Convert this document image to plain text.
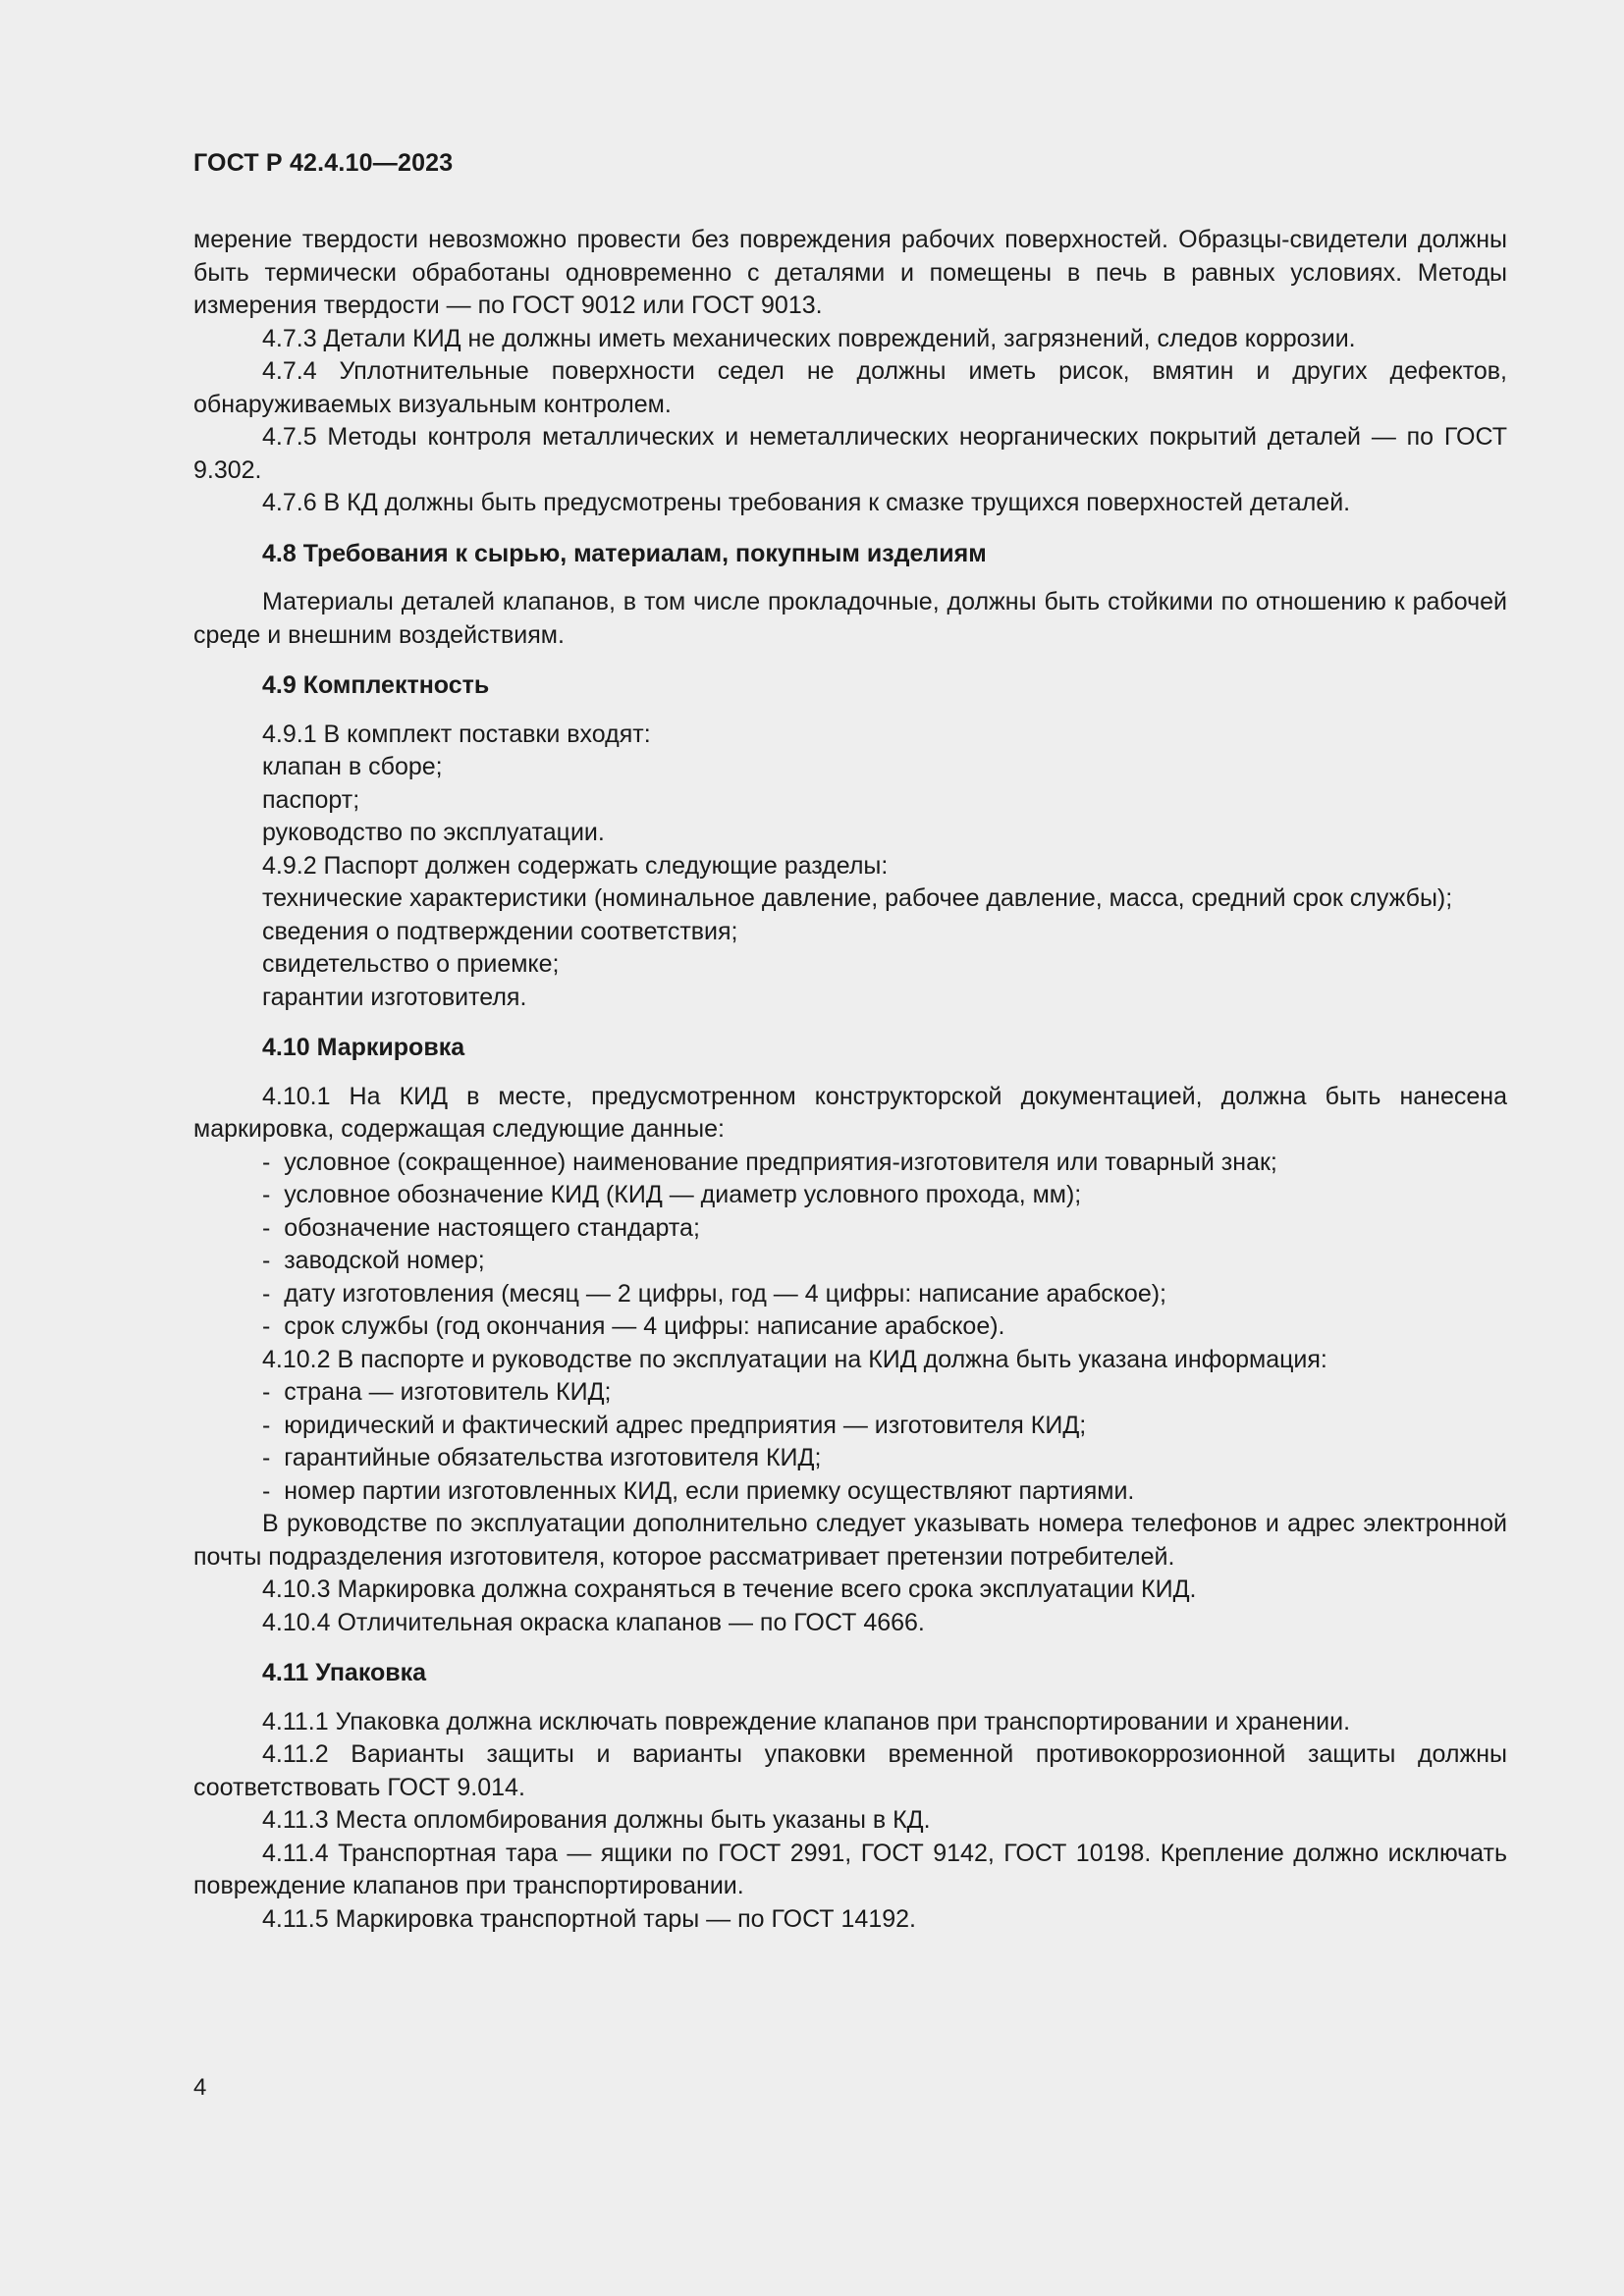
ГОСТ Р 42.4.10—2023

мерение твердости невозможно провести без повреждения рабочих поверхностей. Образцы-свидетели должны быть термически обработаны одновременно с деталями и помещены в печь в равных условиях. Методы измерения твердости — по ГОСТ 9012 или ГОСТ 9013.

4.7.3 Детали КИД не должны иметь механических повреждений, загрязнений, следов коррозии.

4.7.4 Уплотнительные поверхности седел не должны иметь рисок, вмятин и других дефектов, обнаруживаемых визуальным контролем.

4.7.5 Методы контроля металлических и неметаллических неорганических покрытий деталей — по ГОСТ 9.302.

4.7.6 В КД должны быть предусмотрены требования к смазке трущихся поверхностей деталей.

4.8 Требования к сырью, материалам, покупным изделиям

Материалы деталей клапанов, в том числе прокладочные, должны быть стойкими по отношению к рабочей среде и внешним воздействиям.

4.9 Комплектность

4.9.1 В комплект поставки входят:

клапан в сборе;

паспорт;

руководство по эксплуатации.

4.9.2 Паспорт должен содержать следующие разделы:

технические характеристики (номинальное давление, рабочее давление, масса, средний срок службы);

сведения о подтверждении соответствия;

свидетельство о приемке;

гарантии изготовителя.

4.10 Маркировка

4.10.1 На КИД в месте, предусмотренном конструкторской документацией, должна быть нанесена маркировка, содержащая следующие данные:

-  условное (сокращенное) наименование предприятия-изготовителя или товарный знак;

-  условное обозначение КИД (КИД — диаметр условного прохода, мм);

-  обозначение настоящего стандарта;

-  заводской номер;

-  дату изготовления (месяц — 2 цифры, год — 4 цифры: написание арабское);

-  срок службы (год окончания — 4 цифры: написание арабское).

4.10.2 В паспорте и руководстве по эксплуатации на КИД должна быть указана информация:

-  страна — изготовитель КИД;

-  юридический и фактический адрес предприятия — изготовителя КИД;

-  гарантийные обязательства изготовителя КИД;

-  номер партии изготовленных КИД, если приемку осуществляют партиями.

В руководстве по эксплуатации дополнительно следует указывать номера телефонов и адрес электронной почты подразделения изготовителя, которое рассматривает претензии потребителей.

4.10.3 Маркировка должна сохраняться в течение всего срока эксплуатации КИД.

4.10.4 Отличительная окраска клапанов — по ГОСТ 4666.

4.11 Упаковка

4.11.1 Упаковка должна исключать повреждение клапанов при транспортировании и хранении.

4.11.2 Варианты защиты и варианты упаковки временной противокоррозионной защиты должны соответствовать ГОСТ 9.014.

4.11.3 Места опломбирования должны быть указаны в КД.

4.11.4 Транспортная тара — ящики по ГОСТ 2991, ГОСТ 9142, ГОСТ 10198. Крепление должно исключать повреждение клапанов при транспортировании.

4.11.5 Маркировка транспортной тары — по ГОСТ 14192.

4
